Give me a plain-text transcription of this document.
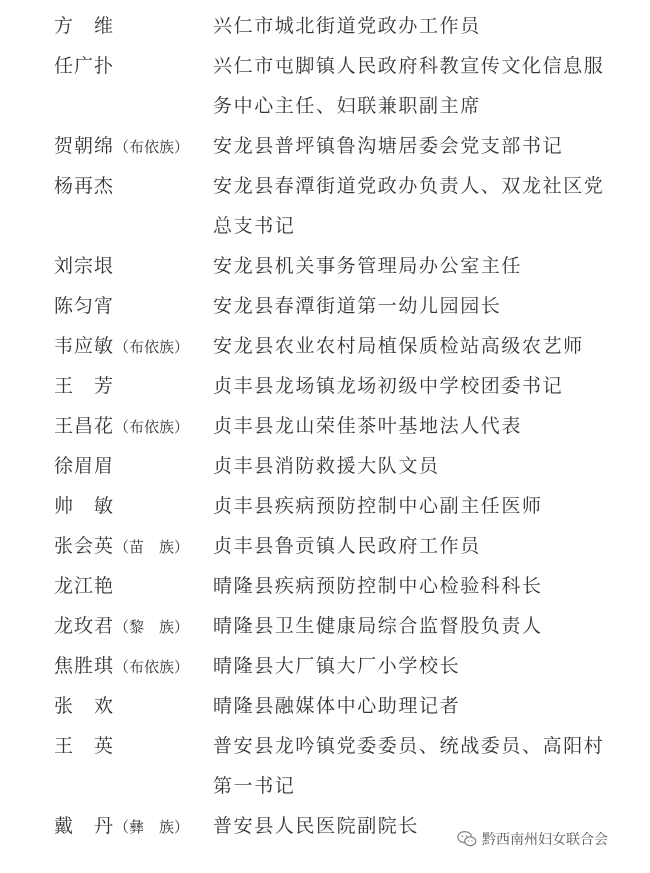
方　维	兴仁市城北街道党政办工作员
任广扑	兴仁市屯脚镇人民政府科教宣传文化信息服务中心主任、妇联兼职副主席
贺朝绵（布依族） 安龙县普坪镇鲁沟塘居委会党支部书记
杨再杰	安龙县春潭街道党政办负责人、双龙社区党总支书记
刘宗垠	安龙县机关事务管理局办公室主任
陈匀宵	安龙县春潭街道第一幼儿园园长
韦应敏（布依族） 安龙县农业农村局植保质检站高级农艺师
王　芳	贞丰县龙场镇龙场初级中学校团委书记
王昌花（布依族） 贞丰县龙山荣佳茶叶基地法人代表
徐眉眉	贞丰县消防救援大队文员
帅　敏	贞丰县疾病预防控制中心副主任医师
张会英（苗　族） 贞丰县鲁贡镇人民政府工作员
龙江艳	晴隆县疾病预防控制中心检验科科长
龙玫君（黎　族） 晴隆县卫生健康局综合监督股负责人
焦胜琪（布依族） 晴隆县大厂镇大厂小学校长
张　欢	晴隆县融媒体中心助理记者
王　英	普安县龙吟镇党委委员、统战委员、高阳村第一书记
戴　丹（彝　族） 普安县人民医院副院长
黔西南州妇女联合会
